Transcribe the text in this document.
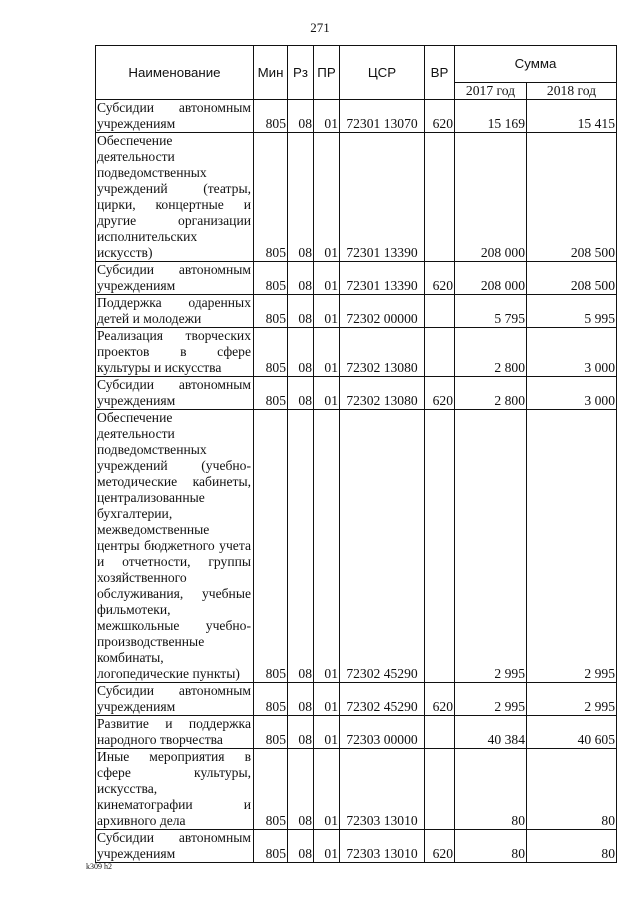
271
Наименование	Мин	Рз	ПР	ЦСР	ВР	Сумма	
						2017 год	2018 год
Субсидии автономным учреждениям	805	08	01	72301 13070	620	15 169	15 415
Обеспечение деятельности подведомственных учреждений (театры, цирки, концертные и другие организации исполнительских искусств)	805	08	01	72301 13390		208 000	208 500
Субсидии автономным учреждениям	805	08	01	72301 13390	620	208 000	208 500
Поддержка одаренных детей и молодежи	805	08	01	72302 00000		5 795	5 995
Реализация творческих проектов в сфере культуры и искусства	805	08	01	72302 13080		2 800	3 000
Субсидии автономным учреждениям	805	08	01	72302 13080	620	2 800	3 000
Обеспечение деятельности подведомственных учреждений (учебно-методические кабинеты, централизованные бухгалтерии, межведомственные центры бюджетного учета и отчетности, группы хозяйственного обслуживания, учебные фильмотеки, межшкольные учебно-производственные комбинаты, логопедические пункты)	805	08	01	72302 45290		2 995	2 995
Субсидии автономным учреждениям	805	08	01	72302 45290	620	2 995	2 995
Развитие и поддержка народного творчества	805	08	01	72303 00000		40 384	40 605
Иные мероприятия в сфере культуры, искусства, кинематографии и архивного дела	805	08	01	72303 13010		80	80
Субсидии автономным учреждениям	805	08	01	72303 13010	620	80	80
k309 h2
